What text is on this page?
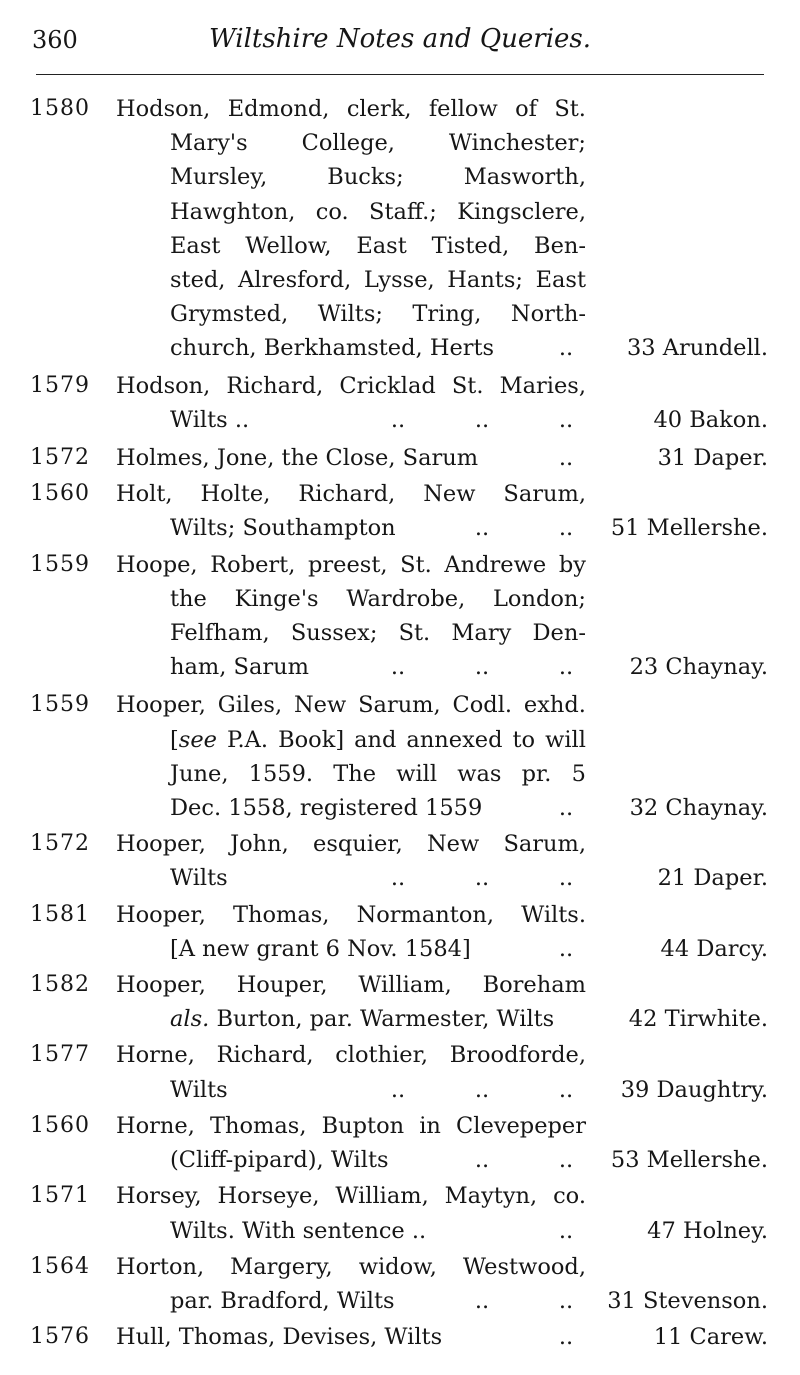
360	Wiltshire Notes and Queries.
1580 Hodson, Edmond, clerk, fellow of St.
Mary's College, Winchester;
Mursley,	Bucks;	Masworth,
Hawghton, co. Staff.; Kingsclere,
East Wellow, East Tisted, Ben-
sted, Alresford, Lysse, Hants; East
Grymsted, Wilts; Tring, North-
church, Berkhamsted, Herts	..	33 Arundell.
1579 Hodson, Richard, Cricklad St. Maries,
Wilts ..	..	..	..	40 Bakon.
1572 Holmes, Jone, the Close, Sarum	..	31 Daper.
1560 Holt, Holte, Richard, New Sarum,
Wilts; Southampton	..	..	51 Mellershe.
1559 Hoope, Robert, preest, St. Andrewe by
the Kinge's Wardrobe, London;
Felfham, Sussex; St. Mary Den-
ham, Sarum	..	..	..	23 Chaynay.
1559 Hooper, Giles, New Sarum, Codl. exhd.
[see P.A. Book] and annexed to will
June, 1559. The will was pr. 5
Dec. 1558, registered 1559	..	32 Chaynay.
1572 Hooper, John, esquier, New Sarum,
Wilts	..	..	..	21 Daper.
1581 Hooper, Thomas, Normanton, Wilts.
[A new grant 6 Nov. 1584]	..	44 Darcy.
1582 Hooper, Houper, William, Boreham
als. Burton, par. Warmester, Wilts	42 Tirwhite.
1577 Horne, Richard, clothier, Broodforde,
Wilts	..	..	..	39 Daughtry.
1560 Horne, Thomas, Bupton in Clevepeper
(Cliff-pipard), Wilts	..	..	53 Mellershe.
1571 Horsey, Horseye, William, Maytyn, co.
Wilts. With sentence ..	..	47 Holney.
1564 Horton, Margery, widow, Westwood,
par. Bradford, Wilts	..	..	31 Stevenson.
1576 Hull, Thomas, Devises, Wilts	..	11 Carew.
